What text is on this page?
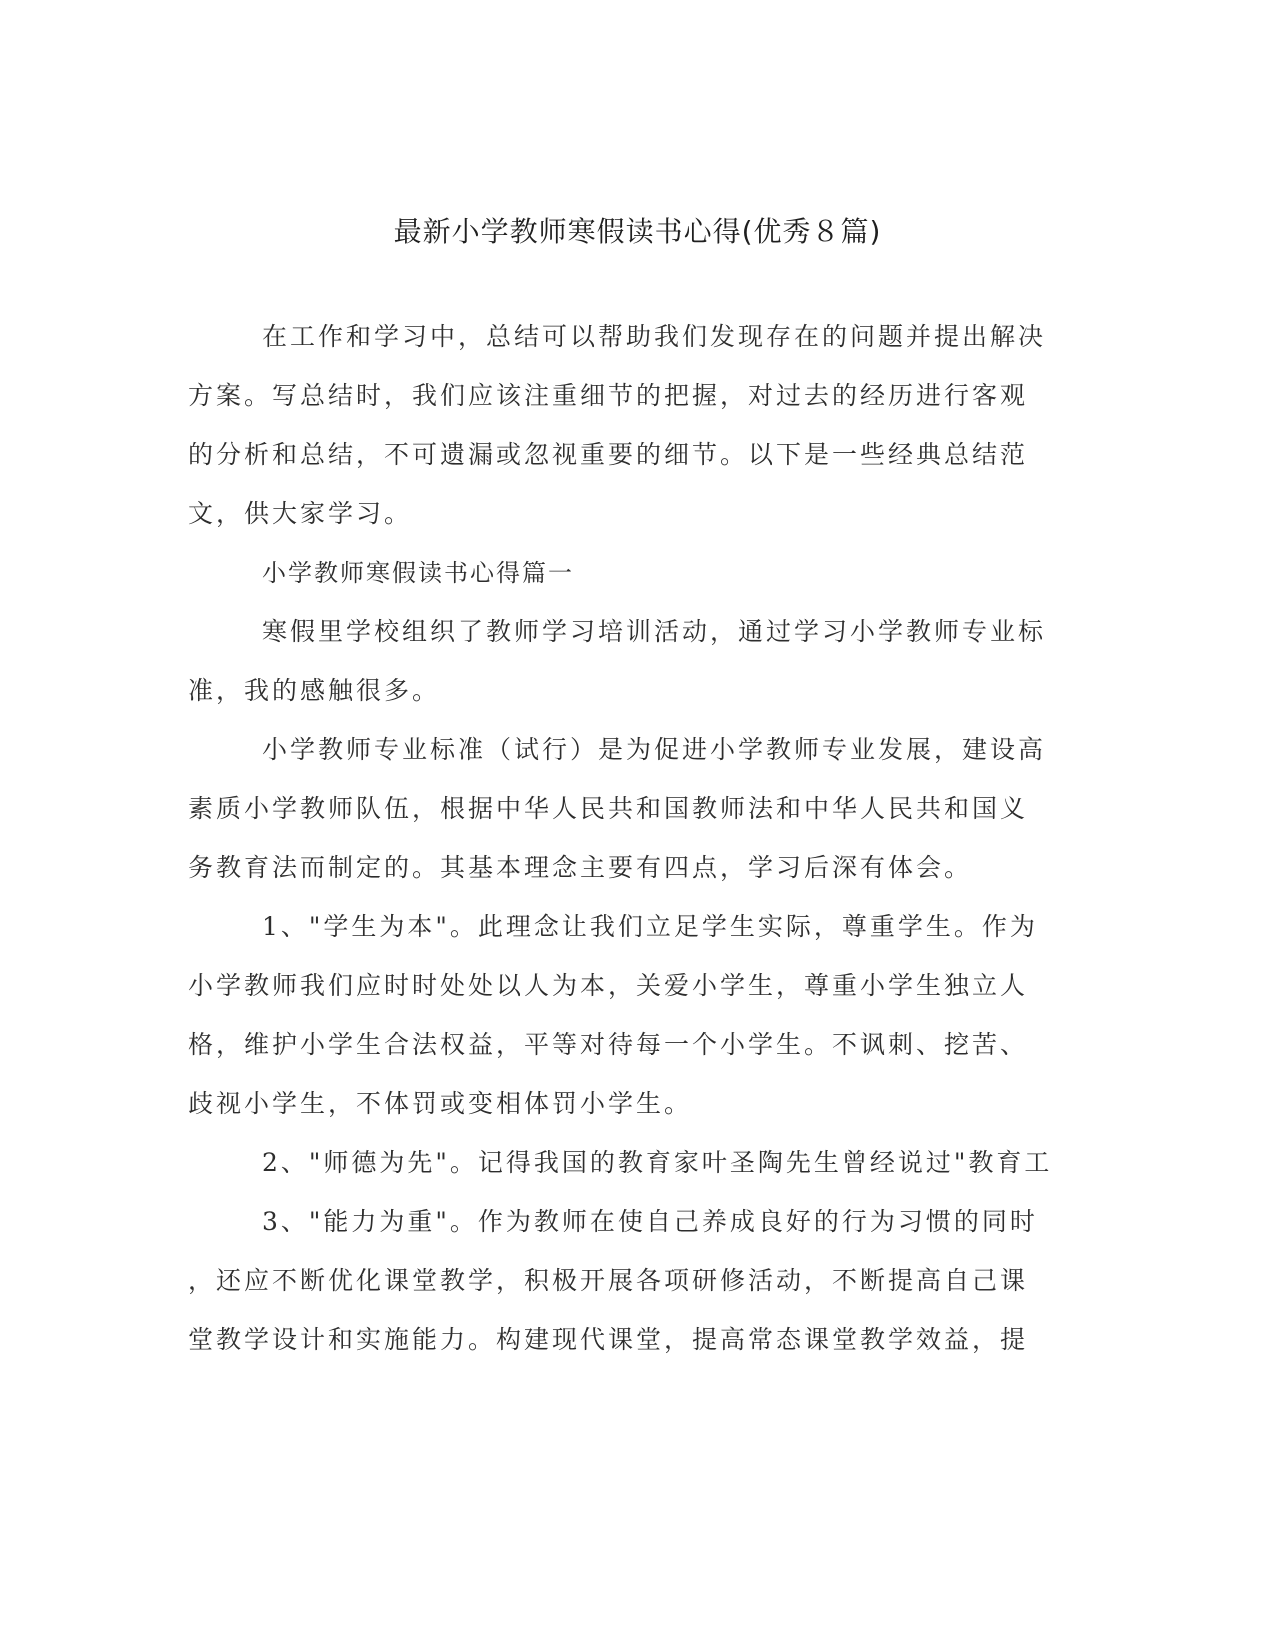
最新小学教师寒假读书心得(优秀８篇)
在工作和学习中，总结可以帮助我们发现存在的问题并提出解决
方案。写总结时，我们应该注重细节的把握，对过去的经历进行客观
的分析和总结，不可遗漏或忽视重要的细节。以下是一些经典总结范
文，供大家学习。
小学教师寒假读书心得篇一
寒假里学校组织了教师学习培训活动，通过学习小学教师专业标
准，我的感触很多。
小学教师专业标准（试行）是为促进小学教师专业发展，建设高
素质小学教师队伍，根据中华人民共和国教师法和中华人民共和国义
务教育法而制定的。其基本理念主要有四点，学习后深有体会。
1、"学生为本"。此理念让我们立足学生实际，尊重学生。作为
小学教师我们应时时处处以人为本，关爱小学生，尊重小学生独立人
格，维护小学生合法权益，平等对待每一个小学生。不讽刺、挖苦、
歧视小学生，不体罚或变相体罚小学生。
2、"师德为先"。记得我国的教育家叶圣陶先生曾经说过"教育工
3、"能力为重"。作为教师在使自己养成良好的行为习惯的同时
，还应不断优化课堂教学，积极开展各项研修活动，不断提高自己课
堂教学设计和实施能力。构建现代课堂，提高常态课堂教学效益，提
